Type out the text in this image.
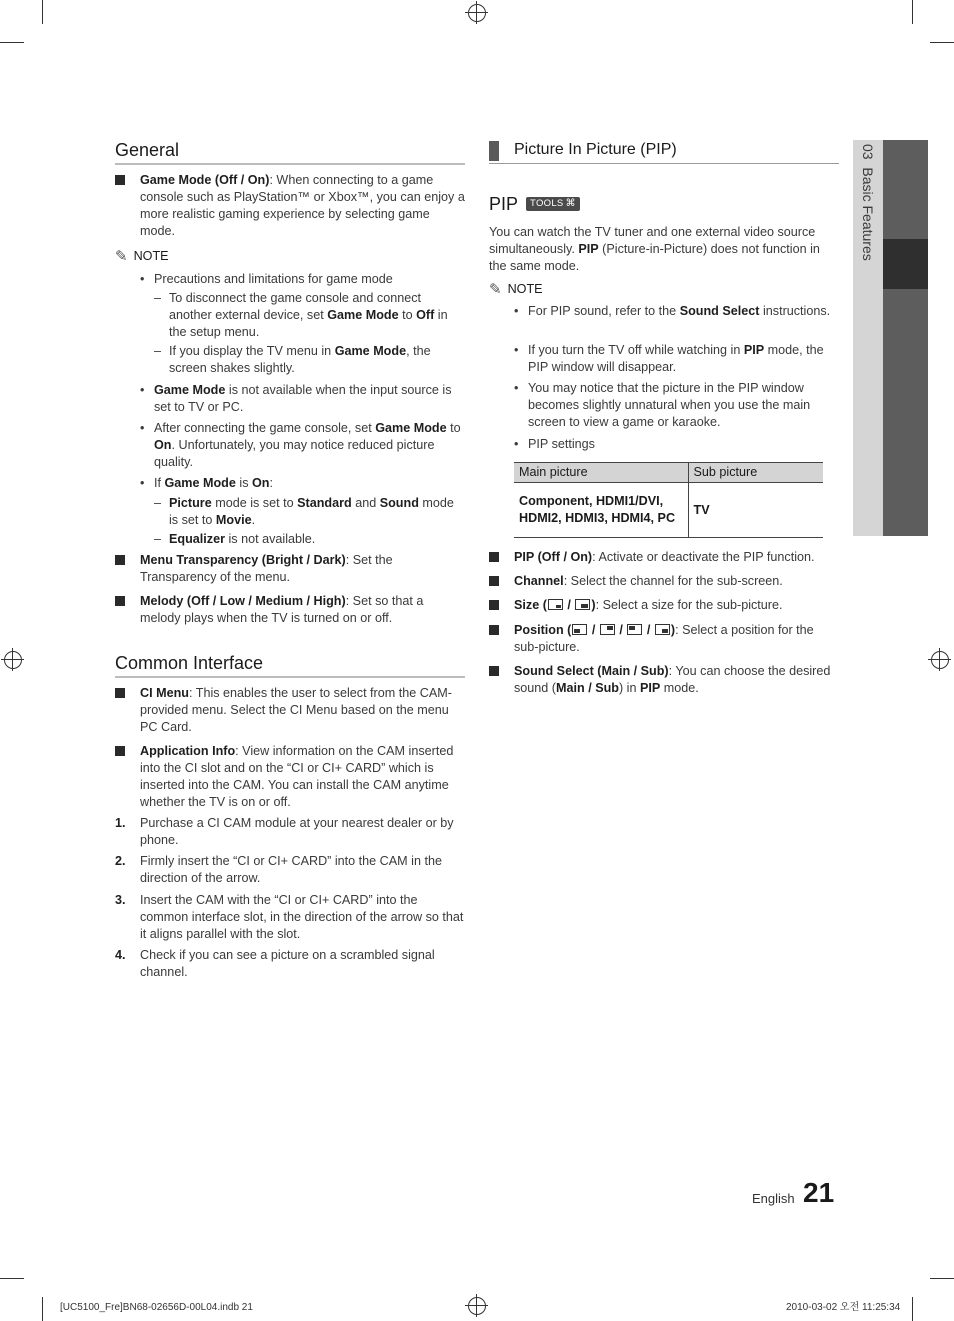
General
Game Mode (Off / On): When connecting to a game console such as PlayStation™ or Xbox™, you can enjoy a more realistic gaming experience by selecting game mode.
✎ NOTE
• Precautions and limitations for game mode
– To disconnect the game console and connect another external device, set Game Mode to Off in the setup menu.
– If you display the TV menu in Game Mode, the screen shakes slightly.
• Game Mode is not available when the input source is set to TV or PC.
• After connecting the game console, set Game Mode to On. Unfortunately, you may notice reduced picture quality.
• If Game Mode is On:
– Picture mode is set to Standard and Sound mode is set to Movie.
– Equalizer is not available.
Menu Transparency (Bright / Dark): Set the Transparency of the menu.
Melody (Off / Low / Medium / High): Set so that a melody plays when the TV is turned on or off.
Common Interface
CI Menu: This enables the user to select from the CAM-provided menu. Select the CI Menu based on the menu PC Card.
Application Info: View information on the CAM inserted into the CI slot and on the “CI or CI+ CARD” which is inserted into the CAM. You can install the CAM anytime whether the TV is on or off.
1. Purchase a CI CAM module at your nearest dealer or by phone.
2. Firmly insert the “CI or CI+ CARD” into the CAM in the direction of the arrow.
3. Insert the CAM with the “CI or CI+ CARD” into the common interface slot, in the direction of the arrow so that it aligns parallel with the slot.
4. Check if you can see a picture on a scrambled signal channel.
Picture In Picture (PIP)
PIP TOOLS ⌘
You can watch the TV tuner and one external video source simultaneously. PIP (Picture-in-Picture) does not function in the same mode.
✎ NOTE
• For PIP sound, refer to the Sound Select instructions.
• If you turn the TV off while watching in PIP mode, the PIP window will disappear.
• You may notice that the picture in the PIP window becomes slightly unnatural when you use the main screen to view a game or karaoke.
• PIP settings
Main picture	Sub picture
Component, HDMI1/DVI, HDMI2, HDMI3, HDMI4, PC	TV
PIP (Off / On): Activate or deactivate the PIP function.
Channel: Select the channel for the sub-screen.
Size (
/
): Select a size for the sub-picture.
Position (
/
/
/
): Select a position for the sub-picture.
Sound Select (Main / Sub): You can choose the desired sound (Main / Sub) in PIP mode.
03  Basic Features
English 21
[UC5100_Fre]BN68-02656D-00L04.indb 21	2010-03-02 오전 11:25:34
